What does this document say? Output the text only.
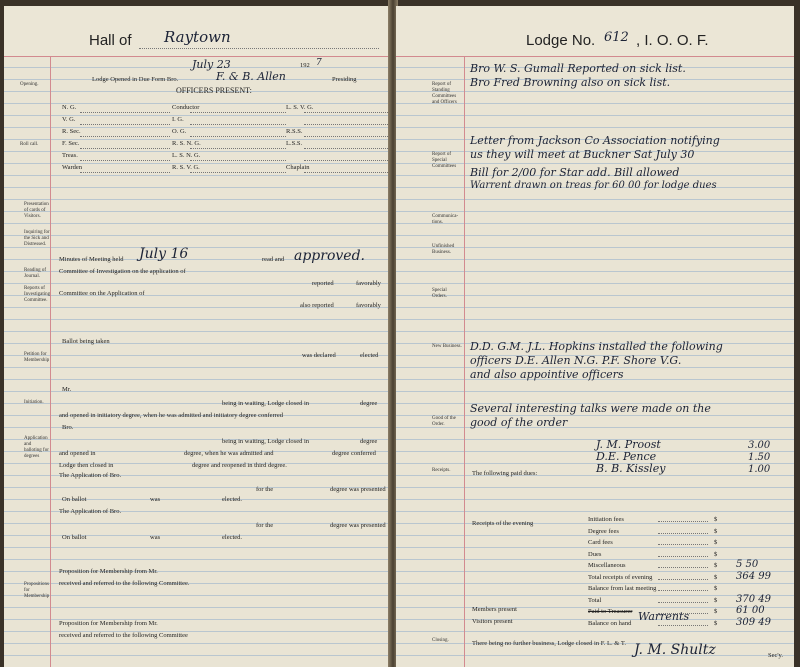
Hall of Raytown
July 23	192 7
Lodge Opened in Due Form Bro.	F. & B. Allen	Presiding
OFFICERS PRESENT:
N. G.	Conductor	L. S. V. G.
V. G.	I. G.
R. Sec.	O. G.	R.S.S.
F. Sec.	R. S. N. G.	L.S.S.
Treas.	L. S. N. G.
Warden	R. S. V. G.	Chaplain
Opening.
Roll call.
Presentation of cards of Visitors.
Inquiring for the Sick and Distressed.
Reading of Journal.
Reports of Investigating Committee.
Petition for Membership
Initiation.
Application and balloting for degrees
Propositions for Membership
Minutes of Meeting held July 16	read and approved.
Committee of Investigation on the application of
reported	favorably
Committee on the Application of
also reported	favorably
Ballot being taken
was declared	elected
Mr.
being in waiting, Lodge closed in	degree
and opened in initiatory degree, when he was admitted and initiatory degree conferred
Bro.
being in waiting, Lodge closed in	degree
and opened in	degree, when he was admitted and	degree conferred
Lodge then closed in	degree and reopened in third degree.
The Application of Bro.
for the	degree was presented
On ballot	was	elected.
The Application of Bro.
for the	degree was presented
On ballot	was	elected.
Proposition for Membership from Mr.
received and referred to the following Committee.
Proposition for Membership from Mr.
received and referred to the following Committee
Lodge No. 612 , I. O. O. F.
Report of Standing Committees and Officers
Report of Special Committees
Communica-tions.
Unfinished Business.
Special Orders.
New Business.
Good of the Order.
Receipts.
Closing.
Bro W. S. Gumall Reported on sick list.
Bro Fred Browning also on sick list.
Letter from Jackson Co Association notifying
us they will meet at Buckner Sat July 30
Bill for 2/00 for Star add. Bill allowed
Warrent drawn on treas for 60 00 for lodge dues
D.D. G.M. J.L. Hopkins installed the following
officers D.E. Allen N.G. P.F. Shore V.G.
and also appointive officers
Several interesting talks were made on the
good of the order
The following paid dues:
J. M. Proost	3.00
D.E. Pence	1.50
B. B. Kissley	1.00
Receipts of the evening
Initiation fees	$
Degree fees	$
Card fees	$
Dues	$
Miscellaneous	$ 5 50
Total receipts of evening	$ 364 99
Balance from last meeting	$
Total	$ 370 49
Paid to Treasurer	$ 61 00
Balance on hand	$ 309 49
Members present
Visitors present	Warrents
There being no further business, Lodge closed in F. L. & T. J. M. Shultz	Sec'y.
